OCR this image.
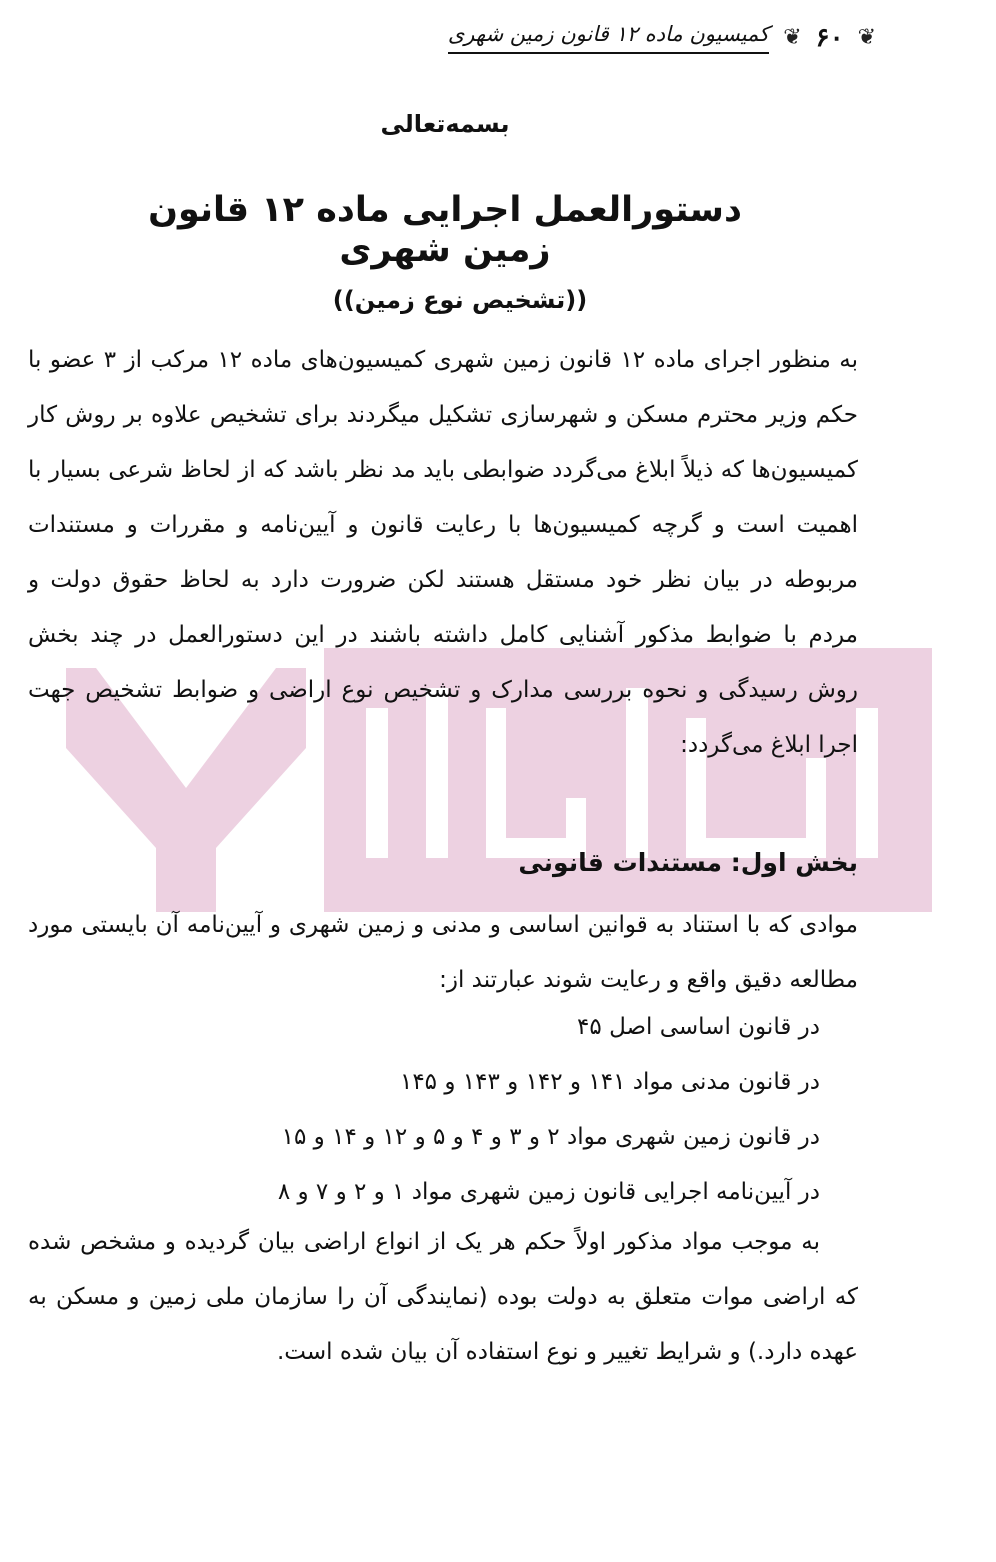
❦
۶۰
❦
کمیسیون ماده ۱۲ قانون زمین شهری
بسمه‌تعالی
دستورالعمل اجرایی ماده ۱۲ قانون زمین شهری
((تشخیص نوع زمین))

به منظور اجرای ماده ۱۲ قانون زمین شهری کمیسیون‌های ماده ۱۲ مرکب از ۳ عضو با حکم وزیر محترم مسکن و شهرسازی تشکیل میگردند برای تشخیص علاوه بر روش کار کمیسیون‌ها که ذیلاً ابلاغ می‌گردد ضوابطی باید مد نظر باشد که از لحاظ شرعی بسیار با اهمیت است و گرچه کمیسیون‌ها با رعایت قانون و آیین‌نامه و مقررات و مستندات مربوطه در بیان نظر خود مستقل هستند لکن ضرورت دارد به لحاظ حقوق دولت و مردم با ضوابط مذکور آشنایی کامل داشته باشند در این دستورالعمل در چند بخش روش رسیدگی و نحوه بررسی مدارک و تشخیص نوع اراضی و ضوابط تشخیص جهت اجرا ابلاغ می‌گردد:

بخش اول: مستندات قانونی

موادی که با استناد به قوانین اساسی و مدنی و زمین شهری و آیین‌نامه آن بایستی مورد مطالعه دقیق واقع و رعایت شوند عبارتند از:

در قانون اساسی اصل ۴۵
در قانون مدنی مواد ۱۴۱ و ۱۴۲ و ۱۴۳ و ۱۴۵
در قانون زمین شهری مواد ۲ و ۳ و ۴ و ۵ و ۱۲ و ۱۴ و ۱۵
در آیین‌نامه اجرایی قانون زمین شهری مواد ۱ و ۲ و ۷ و ۸

به موجب مواد مذکور اولاً حکم هر یک از انواع اراضی بیان گردیده و مشخص شده که اراضی موات متعلق به دولت بوده (نمایندگی آن را سازمان ملی زمین و مسکن به عهده دارد.) و شرایط تغییر و نوع استفاده آن بیان شده است.
